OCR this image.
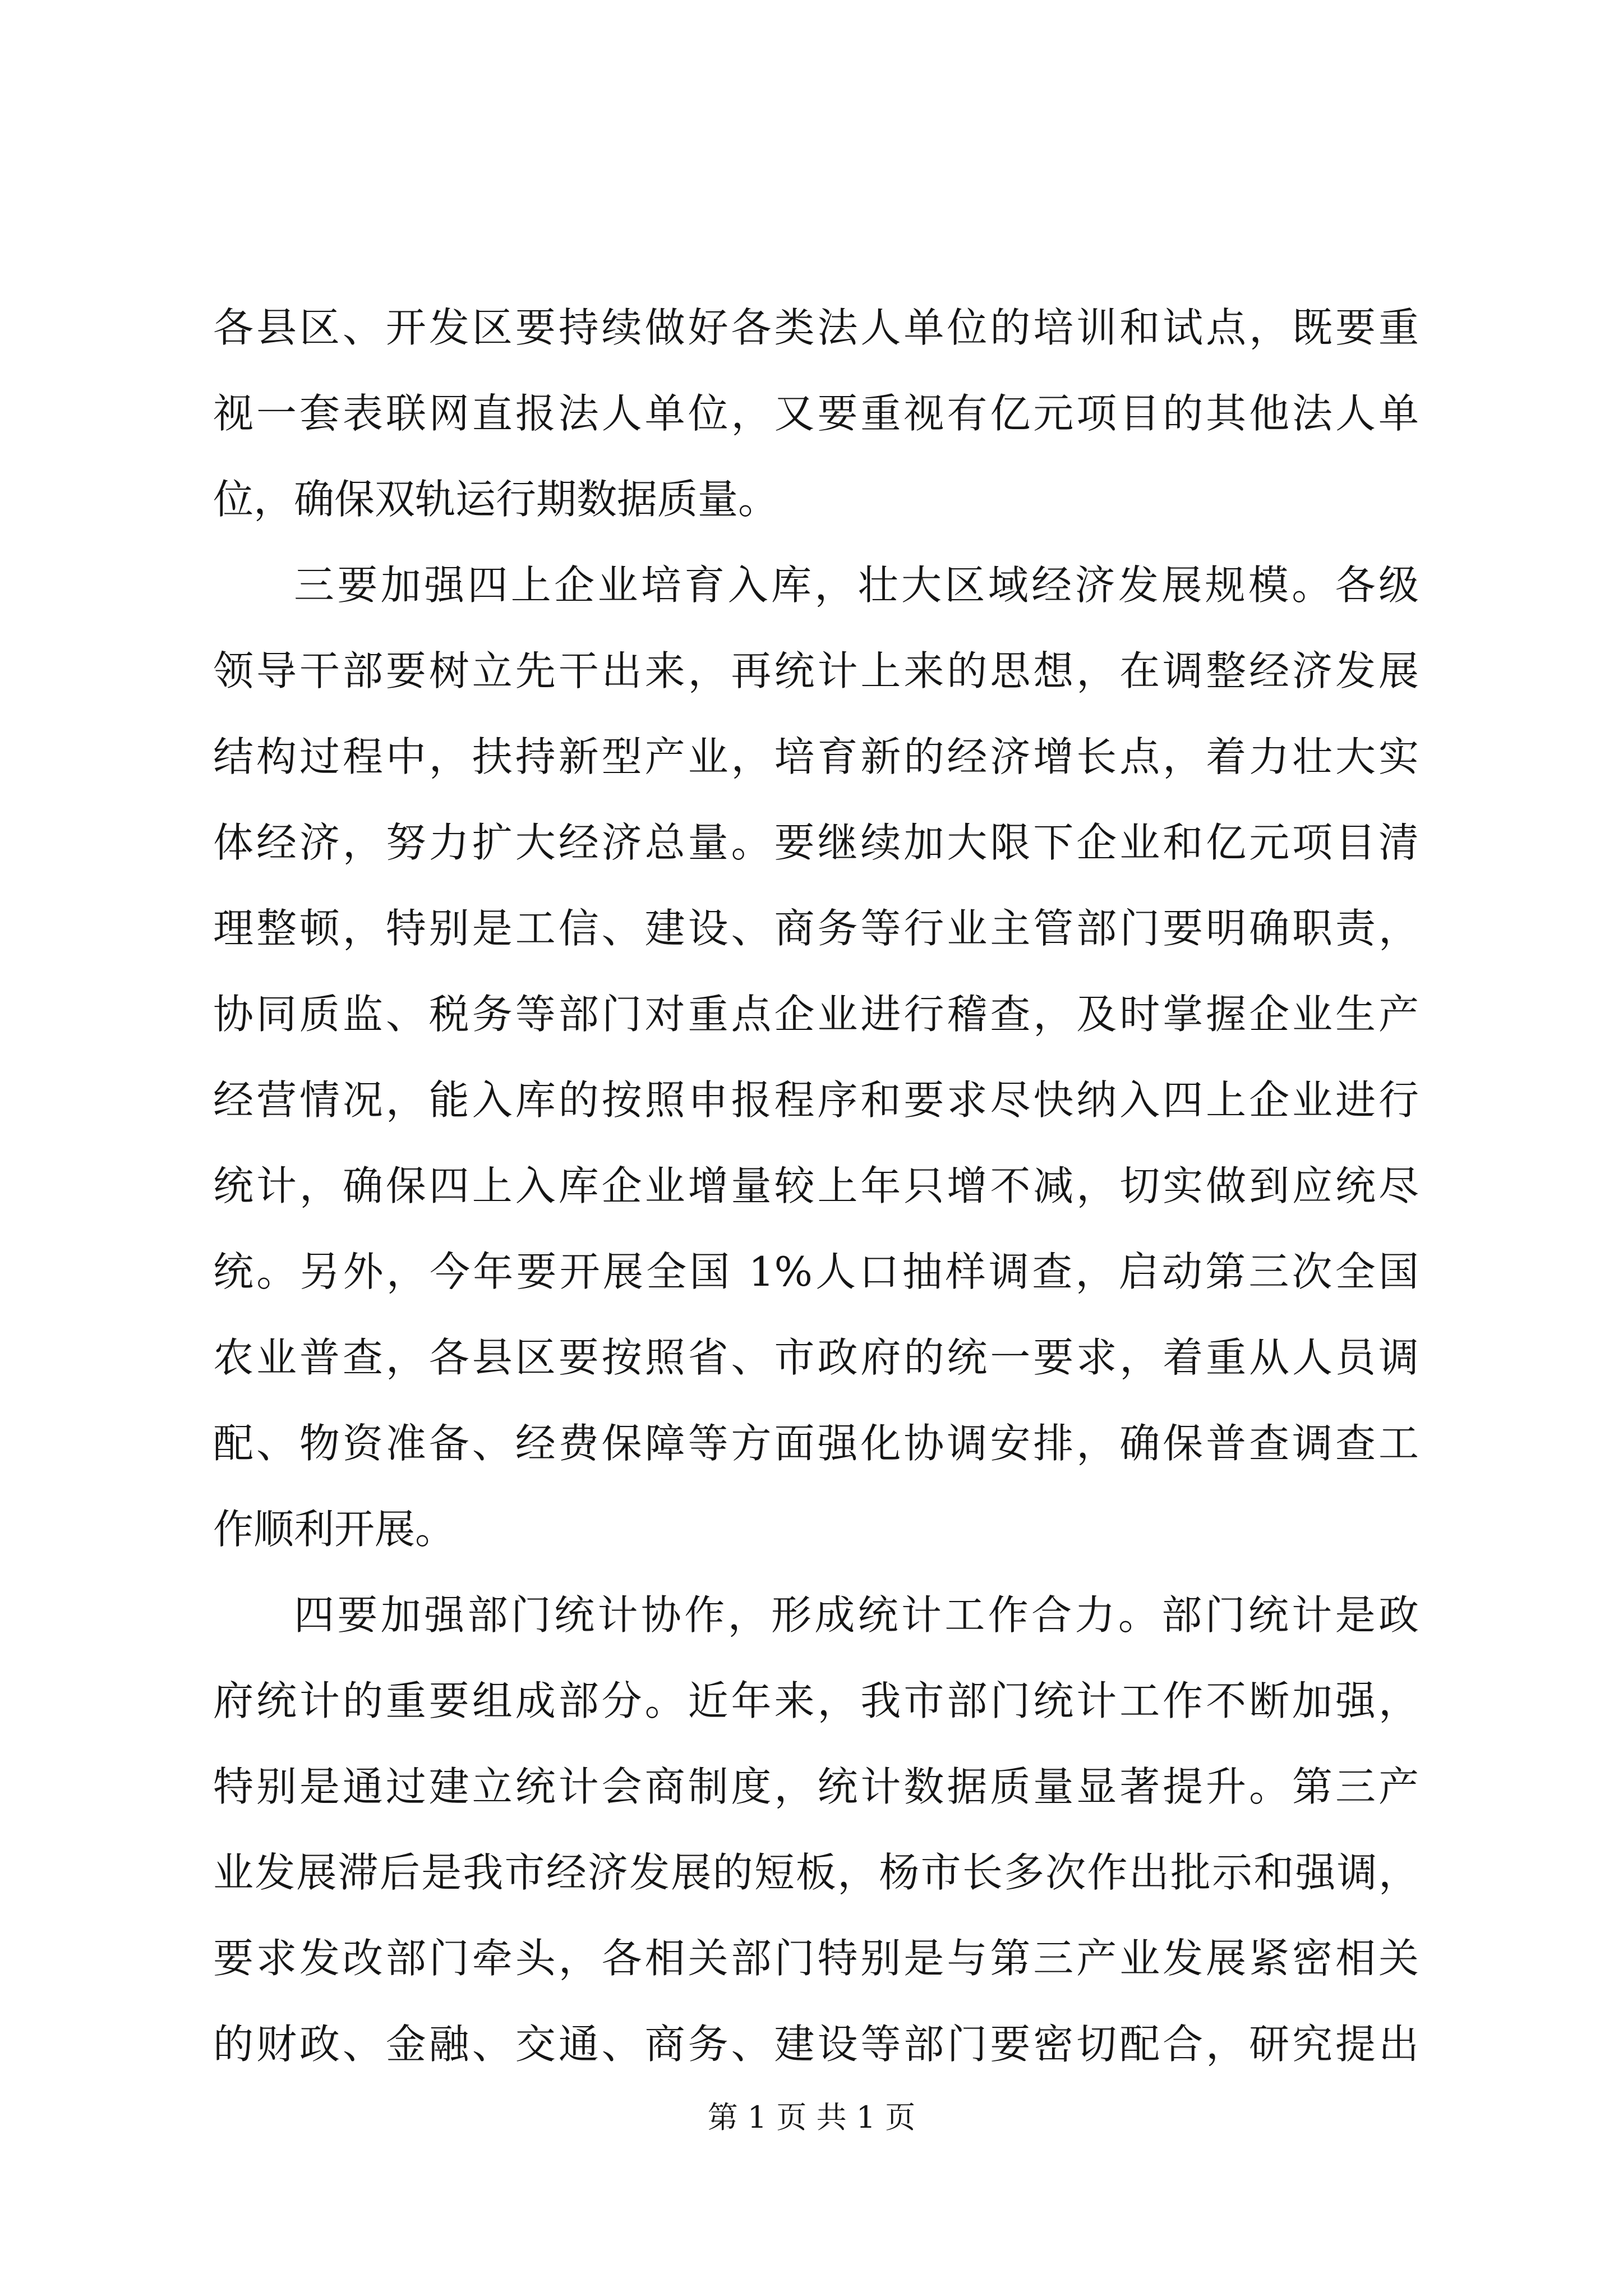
各县区、开发区要持续做好各类法人单位的培训和试点，既要重
视一套表联网直报法人单位，又要重视有亿元项目的其他法人单
位，确保双轨运行期数据质量。
三要加强四上企业培育入库，壮大区域经济发展规模。各级
领导干部要树立先干出来，再统计上来的思想，在调整经济发展
结构过程中，扶持新型产业，培育新的经济增长点，着力壮大实
体经济，努力扩大经济总量。要继续加大限下企业和亿元项目清
理整顿，特别是工信、建设、商务等行业主管部门要明确职责，
协同质监、税务等部门对重点企业进行稽查，及时掌握企业生产
经营情况，能入库的按照申报程序和要求尽快纳入四上企业进行
统计，确保四上入库企业增量较上年只增不减，切实做到应统尽
统。另外，今年要开展全国 1%人口抽样调查，启动第三次全国
农业普查，各县区要按照省、市政府的统一要求，着重从人员调
配、物资准备、经费保障等方面强化协调安排，确保普查调查工
作顺利开展。
四要加强部门统计协作，形成统计工作合力。部门统计是政
府统计的重要组成部分。近年来，我市部门统计工作不断加强，
特别是通过建立统计会商制度，统计数据质量显著提升。第三产
业发展滞后是我市经济发展的短板，杨市长多次作出批示和强调，
要求发改部门牵头，各相关部门特别是与第三产业发展紧密相关
的财政、金融、交通、商务、建设等部门要密切配合，研究提出
第 1 页 共 1 页
